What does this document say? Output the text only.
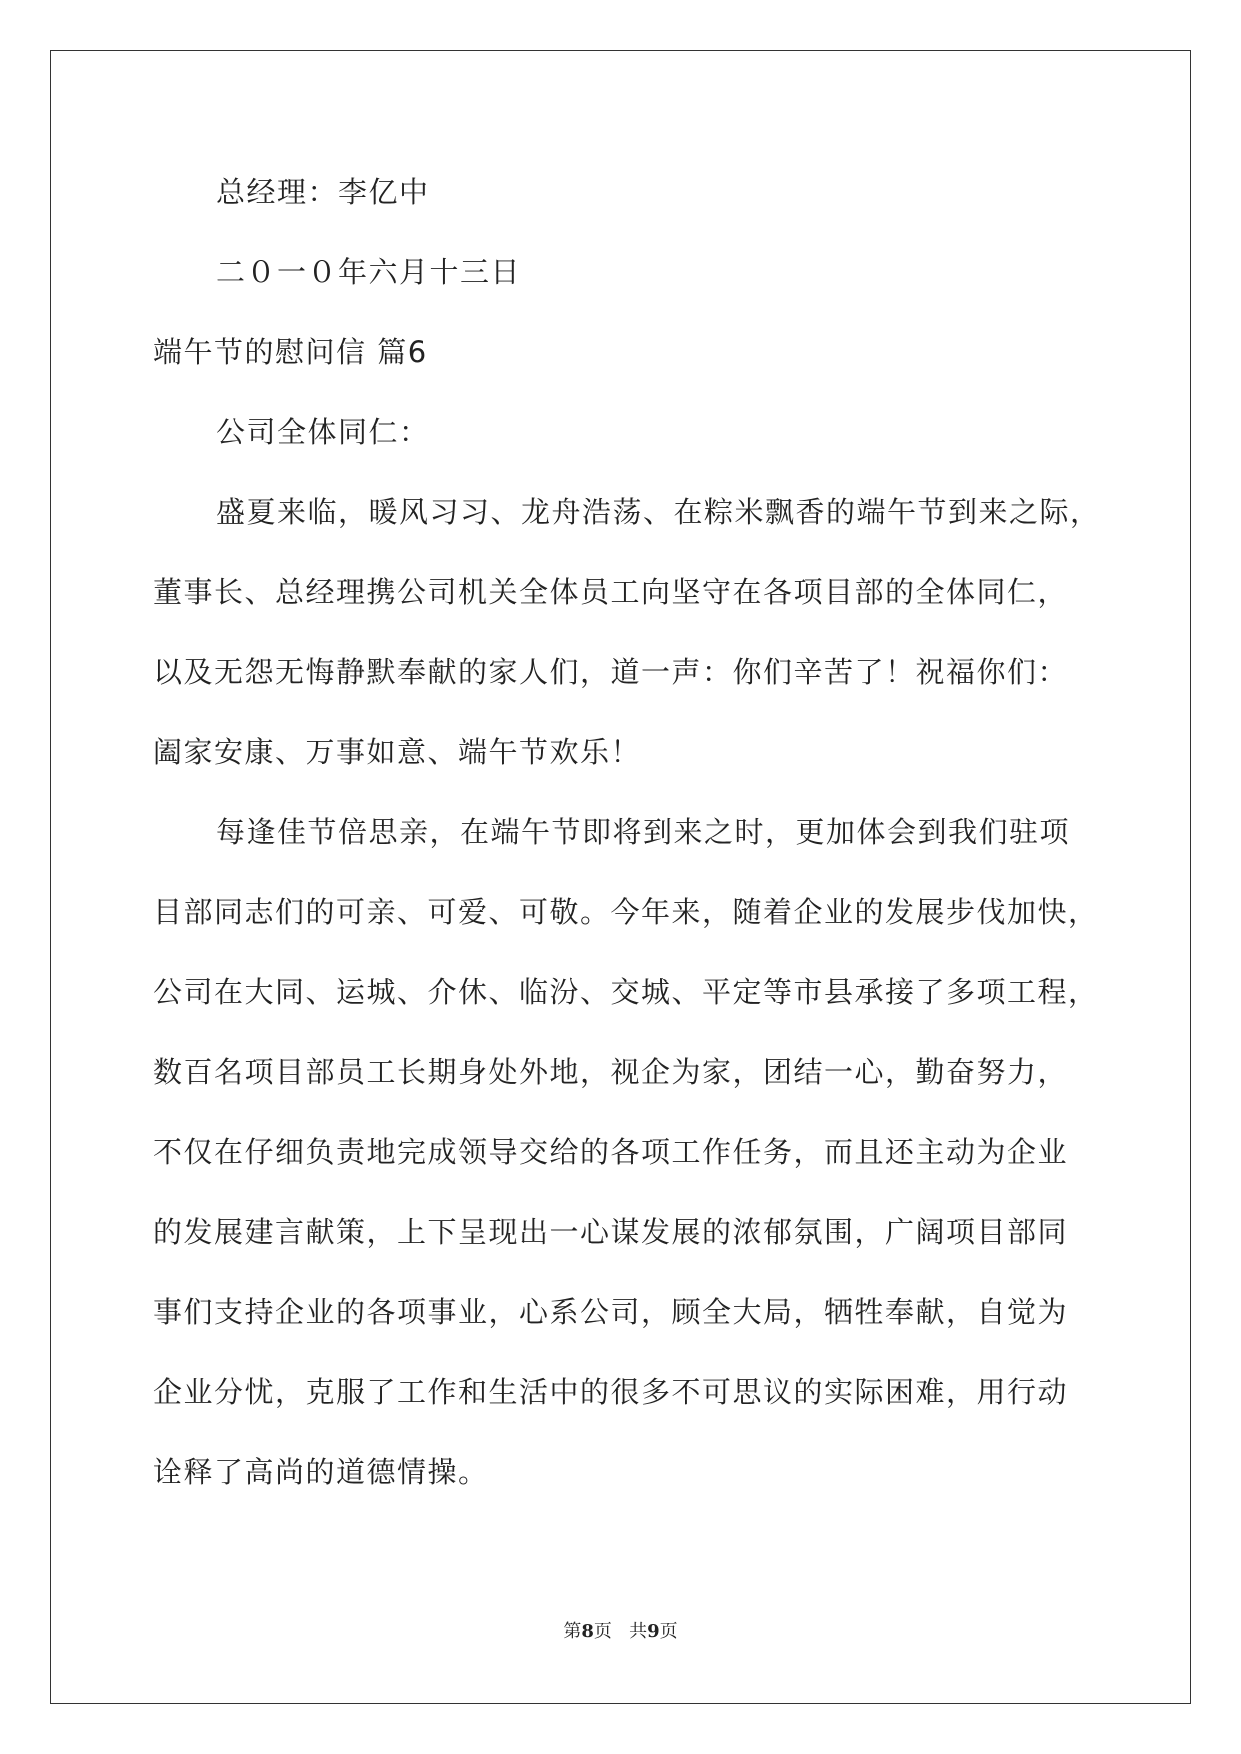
总经理：李亿中
二０一０年六月十三日
端午节的慰问信 篇6
公司全体同仁：
盛夏来临，暖风习习、龙舟浩荡、在粽米飘香的端午节到来之际，
董事长、总经理携公司机关全体员工向坚守在各项目部的全体同仁，
以及无怨无悔静默奉献的家人们，道一声：你们辛苦了！祝福你们：
阖家安康、万事如意、端午节欢乐！
每逢佳节倍思亲，在端午节即将到来之时，更加体会到我们驻项
目部同志们的可亲、可爱、可敬。今年来，随着企业的发展步伐加快，
公司在大同、运城、介休、临汾、交城、平定等市县承接了多项工程，
数百名项目部员工长期身处外地，视企为家，团结一心，勤奋努力，
不仅在仔细负责地完成领导交给的各项工作任务，而且还主动为企业
的发展建言献策，上下呈现出一心谋发展的浓郁氛围，广阔项目部同
事们支持企业的各项事业，心系公司，顾全大局，牺牲奉献，自觉为
企业分忧，克服了工作和生活中的很多不可思议的实际困难，用行动
诠释了高尚的道德情操。
第8页   共9页
